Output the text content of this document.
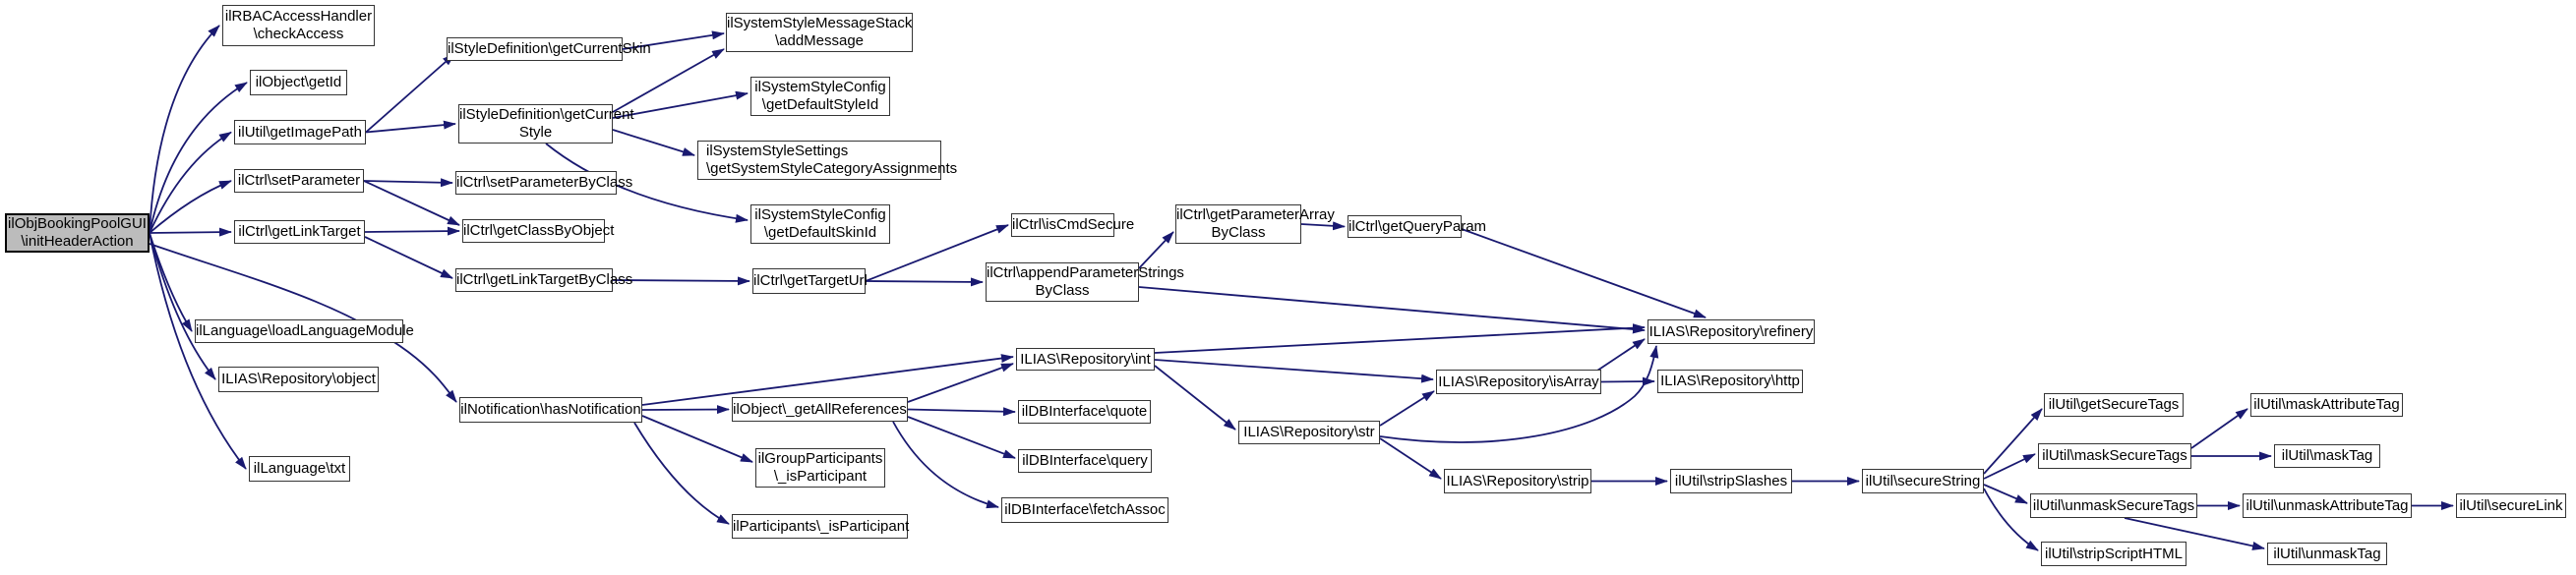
ilObjBookingPoolGUI
\initHeaderAction
ilRBACAccessHandler
\checkAccess
ilObject\getId
ilUtil\getImagePath
ilCtrl\setParameter
ilCtrl\getLinkTarget
ilLanguage\loadLanguageModule
ILIAS\Repository\object
ilLanguage\txt
ilNotification\hasNotification
ilStyleDefinition\getCurrentSkin
ilStyleDefinition\getCurrent
Style
ilCtrl\setParameterByClass
ilCtrl\getClassByObject
ilCtrl\getLinkTargetByClass
ilSystemStyleMessageStack
\addMessage
ilSystemStyleConfig
\getDefaultStyleId
ilSystemStyleSettings
\getSystemStyleCategoryAssignments
ilSystemStyleConfig
\getDefaultSkinId
ilCtrl\getTargetUrl
ilCtrl\isCmdSecure
ilCtrl\appendParameterStrings
ByClass
ilCtrl\getParameterArray
ByClass	ilCtrl\getQueryParam
ilObject\_getAllReferences
ilGroupParticipants
\_isParticipant
ilParticipants\_isParticipant
ILIAS\Repository\int
ilDBInterface\quote
ilDBInterface\query
ilDBInterface\fetchAssoc
ILIAS\Repository\str
ILIAS\Repository\isArray
ILIAS\Repository\refinery
ILIAS\Repository\http
ILIAS\Repository\strip	ilUtil\stripSlashes	ilUtil\secureString
ilUtil\getSecureTags	ilUtil\maskAttributeTag
ilUtil\maskSecureTags	ilUtil\maskTag
ilUtil\unmaskSecureTags	ilUtil\unmaskAttributeTag	ilUtil\secureLink
ilUtil\stripScriptHTML	ilUtil\unmaskTag
